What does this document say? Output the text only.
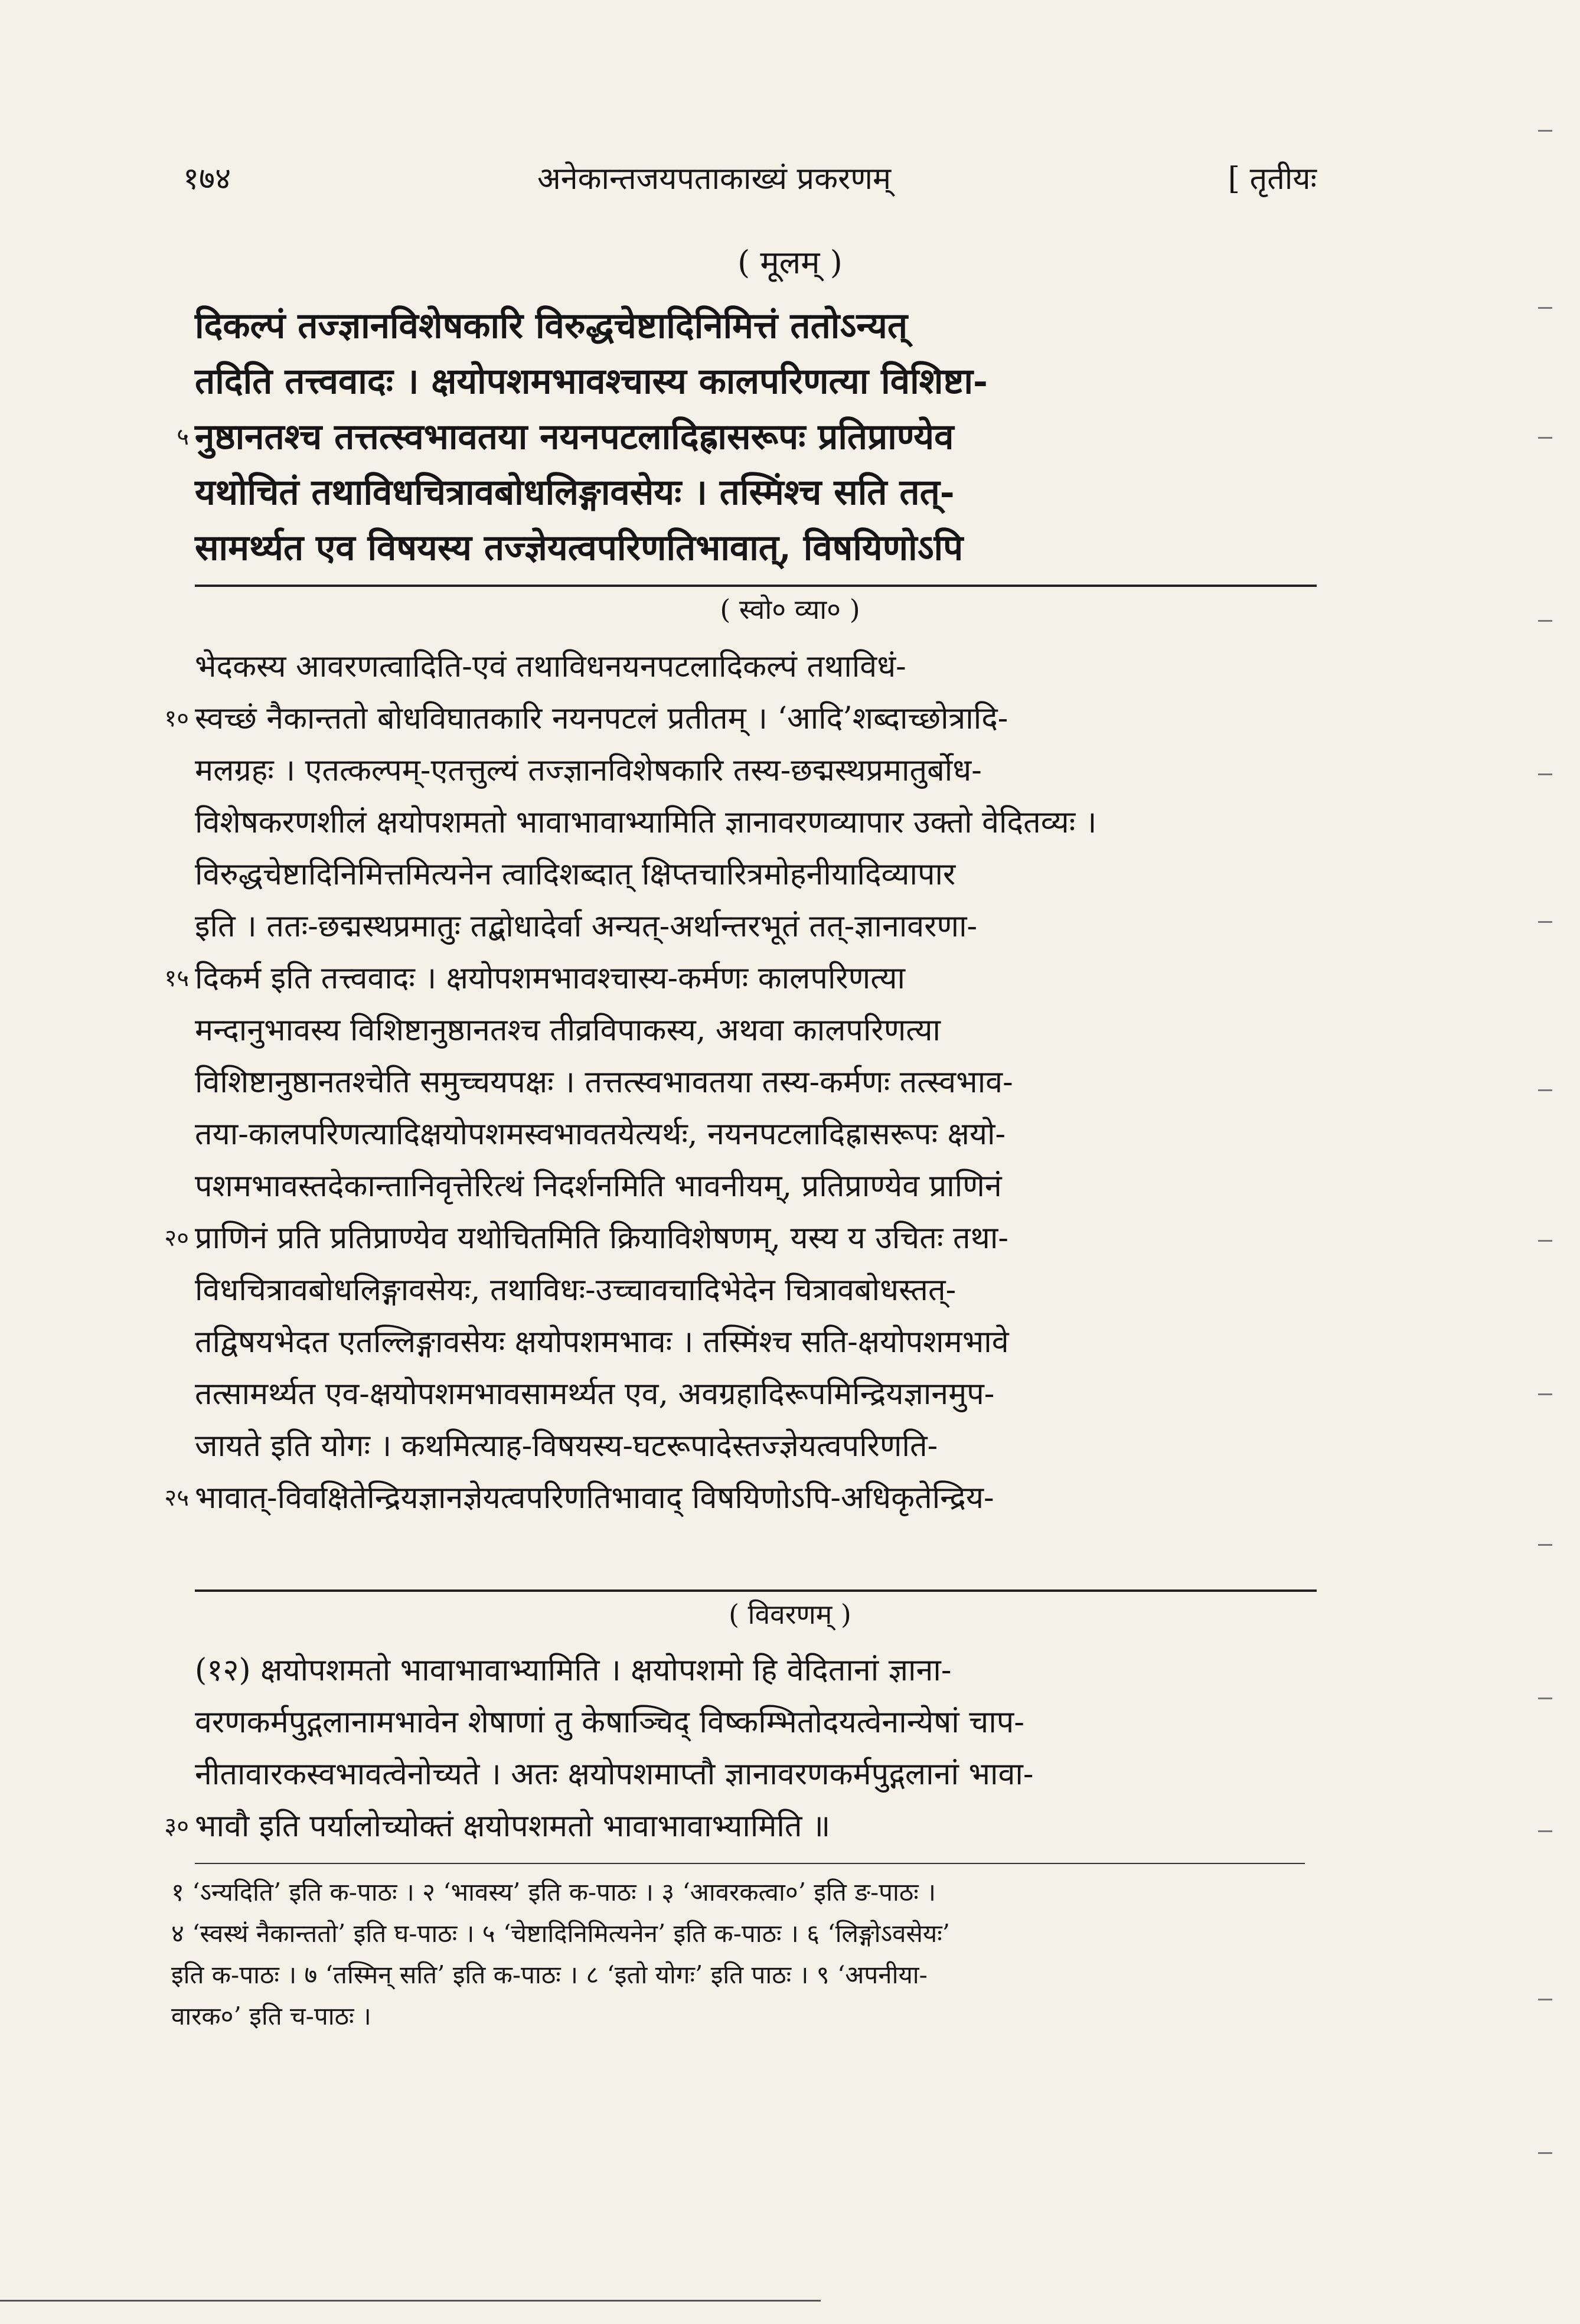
१७४	अनेकान्तजयपताकाख्यं प्रकरणम्	[ तृतीयः
( मूलम् )
दिकल्पं तज्ज्ञानविशेषकारि विरुद्धचेष्टादिनिमित्तं ततोऽन्यत्
तदिति तत्त्ववादः । क्षयोपशमभावश्चास्य कालपरिणत्या विशिष्टा-
५ नुष्ठानतश्च तत्तत्स्वभावतया नयनपटलादिह्रासरूपः प्रतिप्राण्येव
यथोचितं तथाविधचित्रावबोधलिङ्गावसेयः । तस्मिंश्च सति तत्-
सामर्थ्यत एव विषयस्य तज्ज्ञेयत्वपरिणतिभावात्, विषयिणोऽपि
( स्वो० व्या० )
भेदकस्य आवरणत्वादिति-एवं तथाविधनयनपटलादिकल्पं तथाविधं-
१० स्वच्छं नैकान्ततो बोधविघातकारि नयनपटलं प्रतीतम् । ‘आदि’शब्दाच्छोत्रादि-
मलग्रहः । एतत्कल्पम्-एतत्तुल्यं तज्ज्ञानविशेषकारि तस्य-छद्मस्थप्रमातुर्बोध-
विशेषकरणशीलं क्षयोपशमतो भावाभावाभ्यामिति ज्ञानावरणव्यापार उक्तो वेदितव्यः ।
विरुद्धचेष्टादिनिमित्तमित्यनेन त्वादिशब्दात् क्षिप्तचारित्रमोहनीयादिव्यापार
इति । ततः-छद्मस्थप्रमातुः तद्बोधादेर्वा अन्यत्-अर्थान्तरभूतं तत्-ज्ञानावरणा-
१५ दिकर्म इति तत्त्ववादः । क्षयोपशमभावश्चास्य-कर्मणः कालपरिणत्या
मन्दानुभावस्य विशिष्टानुष्ठानतश्च तीव्रविपाकस्य, अथवा कालपरिणत्या
विशिष्टानुष्ठानतश्चेति समुच्चयपक्षः । तत्तत्स्वभावतया तस्य-कर्मणः तत्स्वभाव-
तया-कालपरिणत्यादिक्षयोपशमस्वभावतयेत्यर्थः, नयनपटलादिह्रासरूपः क्षयो-
पशमभावस्तदेकान्तानिवृत्तेरित्थं निदर्शनमिति भावनीयम्, प्रतिप्राण्येव प्राणिनं
२० प्राणिनं प्रति प्रतिप्राण्येव यथोचितमिति क्रियाविशेषणम्, यस्य य उचितः तथा-
विधचित्रावबोधलिङ्गावसेयः, तथाविधः-उच्चावचादिभेदेन चित्रावबोधस्तत्-
तद्विषयभेदत एतल्लिङ्गावसेयः क्षयोपशमभावः । तस्मिंश्च सति-क्षयोपशमभावे
तत्सामर्थ्यत एव-क्षयोपशमभावसामर्थ्यत एव, अवग्रहादिरूपमिन्द्रियज्ञानमुप-
जायते इति योगः । कथमित्याह-विषयस्य-घटरूपादेस्तज्ज्ञेयत्वपरिणति-
२५ भावात्-विवक्षितेन्द्रियज्ञानज्ञेयत्वपरिणतिभावाद् विषयिणोऽपि-अधिकृतेन्द्रिय-
( विवरणम् )
(१२) क्षयोपशमतो भावाभावाभ्यामिति । क्षयोपशमो हि वेदितानां ज्ञाना-
वरणकर्मपुद्गलानामभावेन शेषाणां तु केषाञ्चिद् विष्कम्भितोदयत्वेनान्येषां चाप-
नीतावारकस्वभावत्वेनोच्यते । अतः क्षयोपशमाप्तौ ज्ञानावरणकर्मपुद्गलानां भावा-
३० भावौ इति पर्यालोच्योक्तं क्षयोपशमतो भावाभावाभ्यामिति ॥
१ ‘ऽन्यदिति’ इति क-पाठः । २ ‘भावस्य’ इति क-पाठः । ३ ‘आवरकत्वा०’ इति ङ-पाठः ।
४ ‘स्वस्थं नैकान्ततो’ इति घ-पाठः । ५ ‘चेष्टादिनिमित्यनेन’ इति क-पाठः । ६ ‘लिङ्गोऽवसेयः’
इति क-पाठः । ७ ‘तस्मिन् सति’ इति क-पाठः । ८ ‘इतो योगः’ इति पाठः । ९ ‘अपनीया-
वारक०’ इति च-पाठः ।
